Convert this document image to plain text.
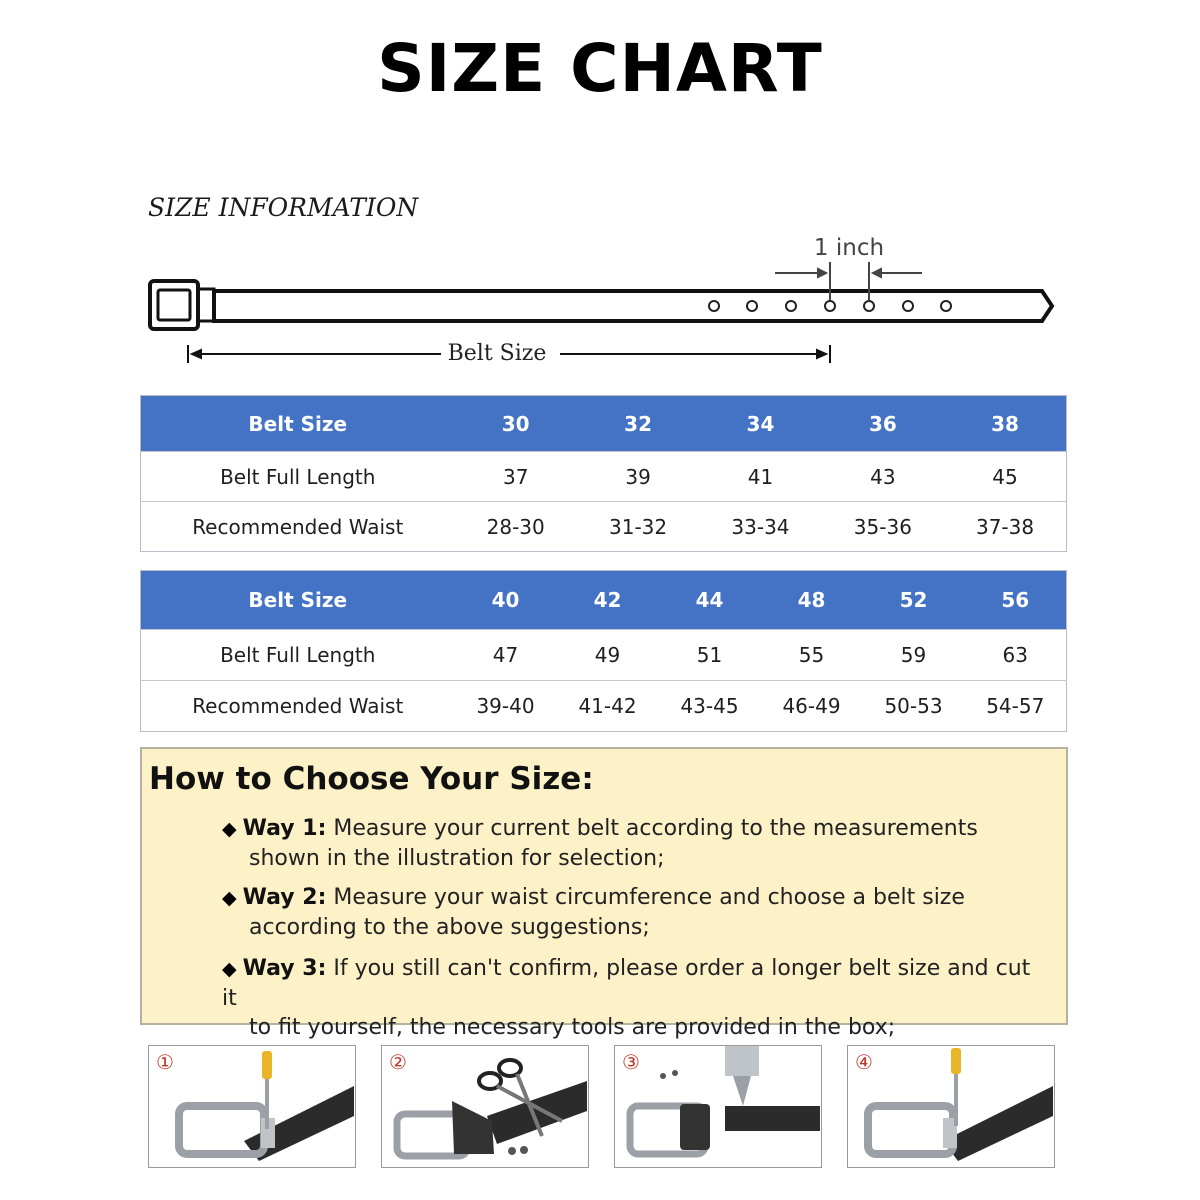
SIZE CHART
SIZE INFORMATION
1 inch
Belt Size
Belt Size	30	32	34	36	38
Belt Full Length	37	39	41	43	45
Recommended Waist	28-30	31-32	33-34	35-36	37-38
Belt Size	40	42	44	48	52	56
Belt Full Length	47	49	51	55	59	63
Recommended Waist	39-40	41-42	43-45	46-49	50-53	54-57
How to Choose Your Size:
◆ Way 1: Measure your current belt according to the measurements
shown in the illustration for selection;
◆ Way 2: Measure your waist circumference and choose a belt size
according to the above suggestions;
◆ Way 3: If you still can't confirm, please order a longer belt size and cut it
to fit yourself, the necessary tools are provided in the box;
①	②	③	④
